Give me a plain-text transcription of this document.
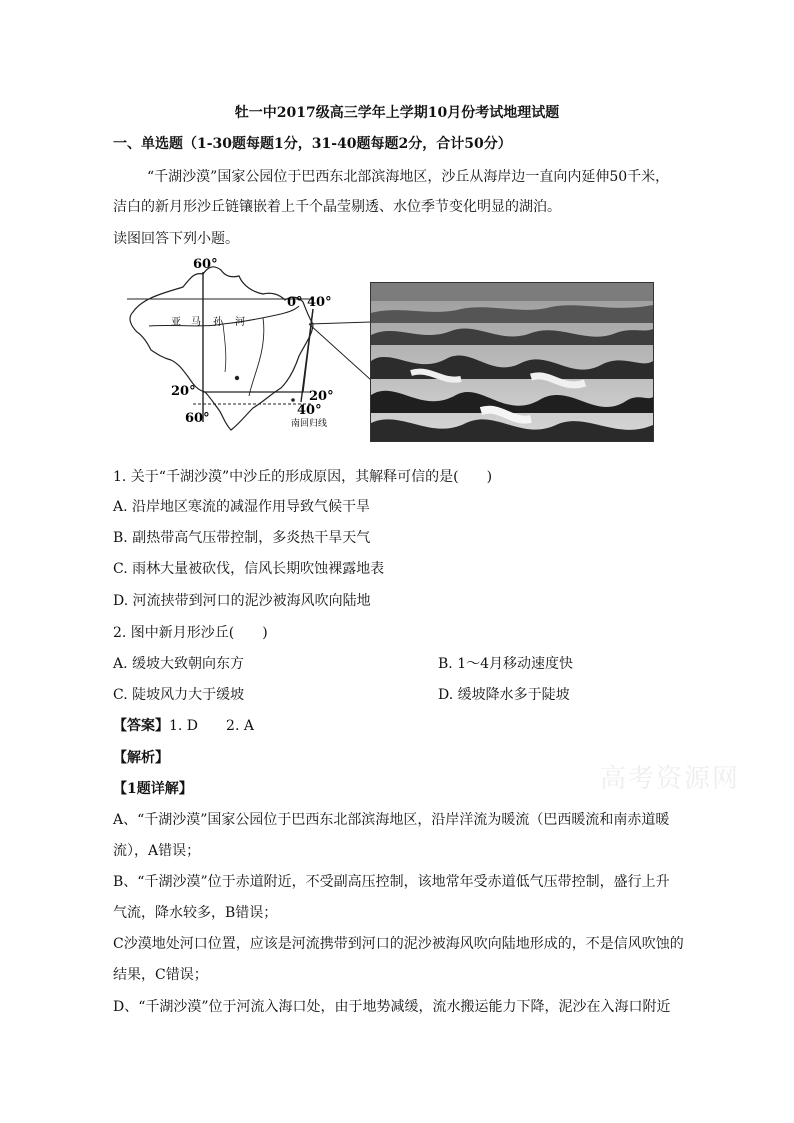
牡一中2017级高三学年上学期10月份考试地理试题
一、单选题（1-30题每题1分，31-40题每题2分，合计50分）
“千湖沙漠”国家公园位于巴西东北部滨海地区，沙丘从海岸边一直向内延伸50千米，
洁白的新月形沙丘链镶嵌着上千个晶莹剔透、水位季节变化明显的湖泊。
读图回答下列小题。
60°
0° 40°
亚 马 孙 河
20°	20°
60°
40°
南回归线
1. 关于“千湖沙漠”中沙丘的形成原因，其解释可信的是(　　)
A. 沿岸地区寒流的减湿作用导致气候干旱
B. 副热带高气压带控制，多炎热干旱天气
C. 雨林大量被砍伐，信风长期吹蚀裸露地表
D. 河流挟带到河口的泥沙被海风吹向陆地
2. 图中新月形沙丘(　　)
A. 缓坡大致朝向东方	B. 1～4月移动速度快
C. 陡坡风力大于缓坡	D. 缓坡降水多于陡坡
【答案】1. D　　2. A
【解析】
【1题详解】	高考资源网
A、“千湖沙漠”国家公园位于巴西东北部滨海地区，沿岸洋流为暖流（巴西暖流和南赤道暖
流），A错误；
B、“千湖沙漠”位于赤道附近，不受副高压控制，该地常年受赤道低气压带控制，盛行上升
气流，降水较多，B错误；
C沙漠地处河口位置，应该是河流携带到河口的泥沙被海风吹向陆地形成的，不是信风吹蚀的
结果，C错误；
D、“千湖沙漠”位于河流入海口处，由于地势减缓，流水搬运能力下降，泥沙在入海口附近
